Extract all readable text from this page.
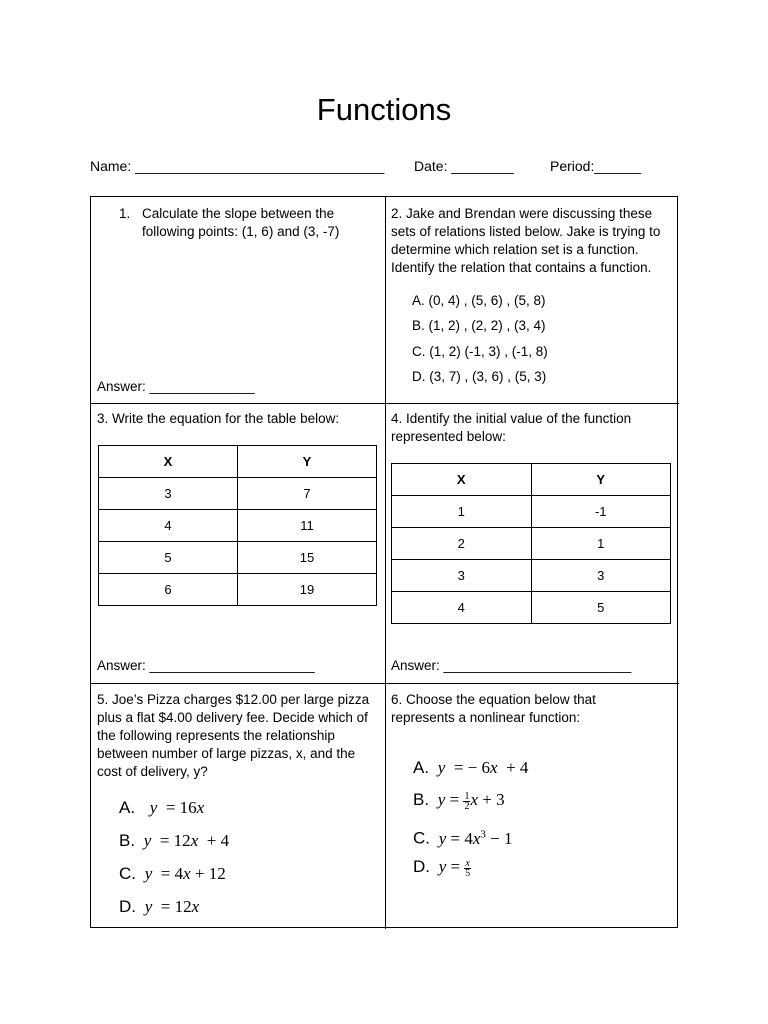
Functions
Name: ________________________________ Date: ________	Period:______
1. Calculate the slope between the following points: (1, 6) and (3, -7)
Answer: ______________
2. Jake and Brendan were discussing these sets of relations listed below. Jake is trying to determine which relation set is a function. Identify the relation that contains a function.
A. (0, 4) , (5, 6) , (5, 8)
B. (1, 2) , (2, 2) , (3, 4)
C. (1, 2) (-1, 3) , (-1, 8)
D. (3, 7) , (3, 6) , (5, 3)
3. Write the equation for the table below:
X	Y
3	7
4	11
5	15
6	19
Answer: ______________________
4. Identify the initial value of the function represented below:
X	Y
1	-1
2	1
3	3
4	5
Answer: _________________________
5. Joe’s Pizza charges $12.00 per large pizza plus a flat $4.00 delivery fee. Decide which of the following represents the relationship between number of large pizzas, x, and the cost of delivery, y?
A. y = 16x
B. y = 12x + 4
C. y = 4x + 12
D. y = 12x
6. Choose the equation below that represents a nonlinear function:
A. y = − 6x + 4
B. $y = \frac{1}{2}$ x + 3
C. $y = 4x^3 - 1$
D. $y = \frac{x}{5}$
